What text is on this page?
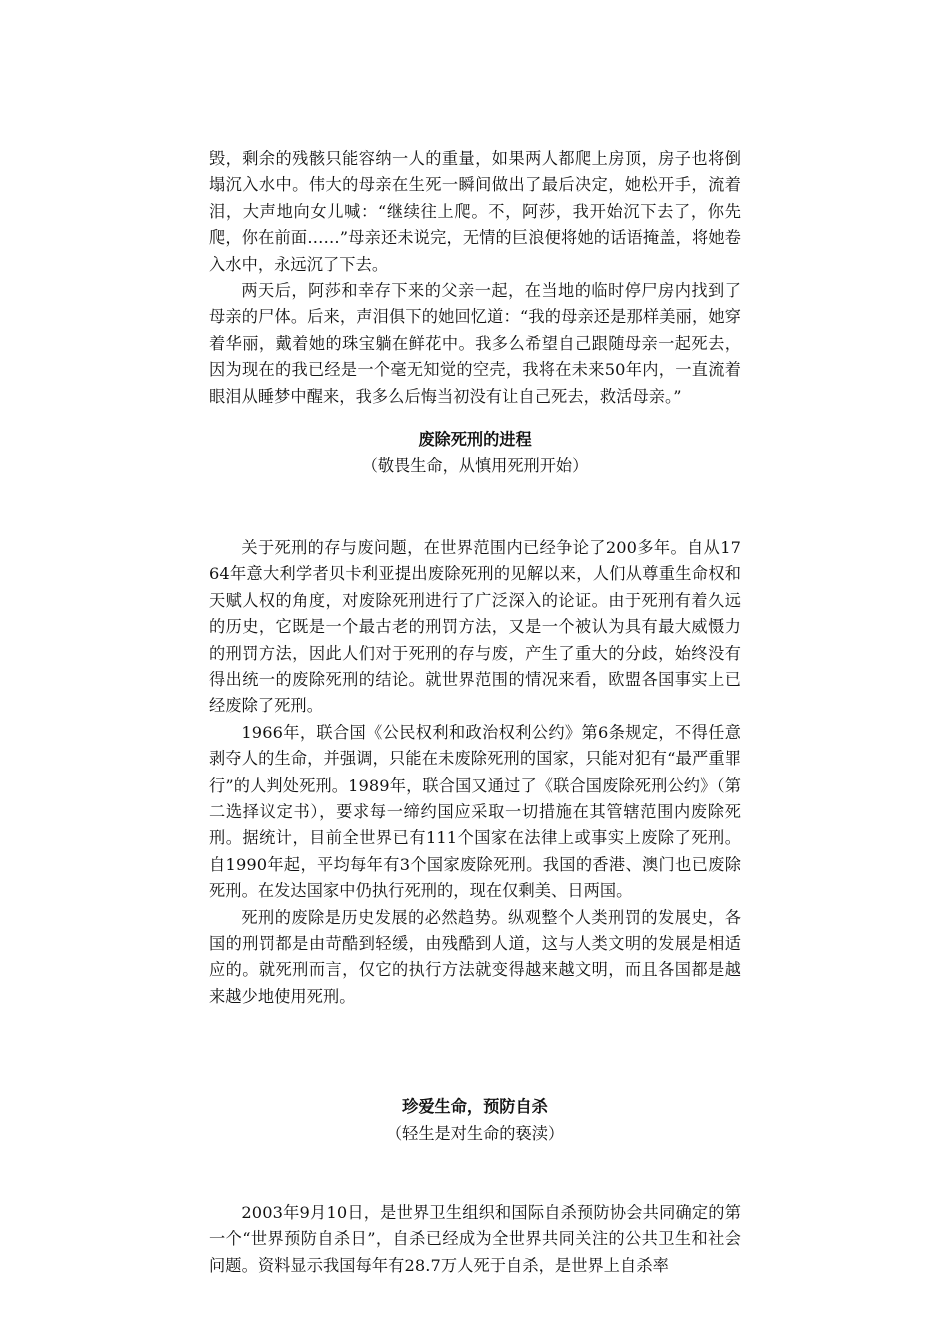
毁，剩余的残骸只能容纳一人的重量，如果两人都爬上房顶，房子也将倒塌沉入水中。伟大的母亲在生死一瞬间做出了最后决定，她松开手，流着泪，大声地向女儿喊：“继续往上爬。不，阿莎，我开始沉下去了，你先爬，你在前面……”母亲还未说完，无情的巨浪便将她的话语掩盖，将她卷入水中，永远沉了下去。

两天后，阿莎和幸存下来的父亲一起，在当地的临时停尸房内找到了母亲的尸体。后来，声泪俱下的她回忆道：“我的母亲还是那样美丽，她穿着华丽，戴着她的珠宝躺在鲜花中。我多么希望自己跟随母亲一起死去，因为现在的我已经是一个毫无知觉的空壳，我将在未来50年内，一直流着眼泪从睡梦中醒来，我多么后悔当初没有让自己死去，救活母亲。”

废除死刑的进程

（敬畏生命，从慎用死刑开始）

关于死刑的存与废问题，在世界范围内已经争论了200多年。自从1764年意大利学者贝卡利亚提出废除死刑的见解以来，人们从尊重生命权和天赋人权的角度，对废除死刑进行了广泛深入的论证。由于死刑有着久远的历史，它既是一个最古老的刑罚方法，又是一个被认为具有最大威慑力的刑罚方法，因此人们对于死刑的存与废，产生了重大的分歧，始终没有得出统一的废除死刑的结论。就世界范围的情况来看，欧盟各国事实上已经废除了死刑。

1966年，联合国《公民权利和政治权利公约》第6条规定，不得任意剥夺人的生命，并强调，只能在未废除死刑的国家，只能对犯有“最严重罪行”的人判处死刑。1989年，联合国又通过了《联合国废除死刑公约》（第二选择议定书），要求每一缔约国应采取一切措施在其管辖范围内废除死刑。据统计，目前全世界已有111个国家在法律上或事实上废除了死刑。自1990年起，平均每年有3个国家废除死刑。我国的香港、澳门也已废除死刑。在发达国家中仍执行死刑的，现在仅剩美、日两国。

死刑的废除是历史发展的必然趋势。纵观整个人类刑罚的发展史，各国的刑罚都是由苛酷到轻缓，由残酷到人道，这与人类文明的发展是相适应的。就死刑而言，仅它的执行方法就变得越来越文明，而且各国都是越来越少地使用死刑。

珍爱生命，预防自杀

（轻生是对生命的亵渎）

2003年9月10日，是世界卫生组织和国际自杀预防协会共同确定的第一个“世界预防自杀日”，自杀已经成为全世界共同关注的公共卫生和社会问题。资料显示我国每年有28.7万人死于自杀，是世界上自杀率
